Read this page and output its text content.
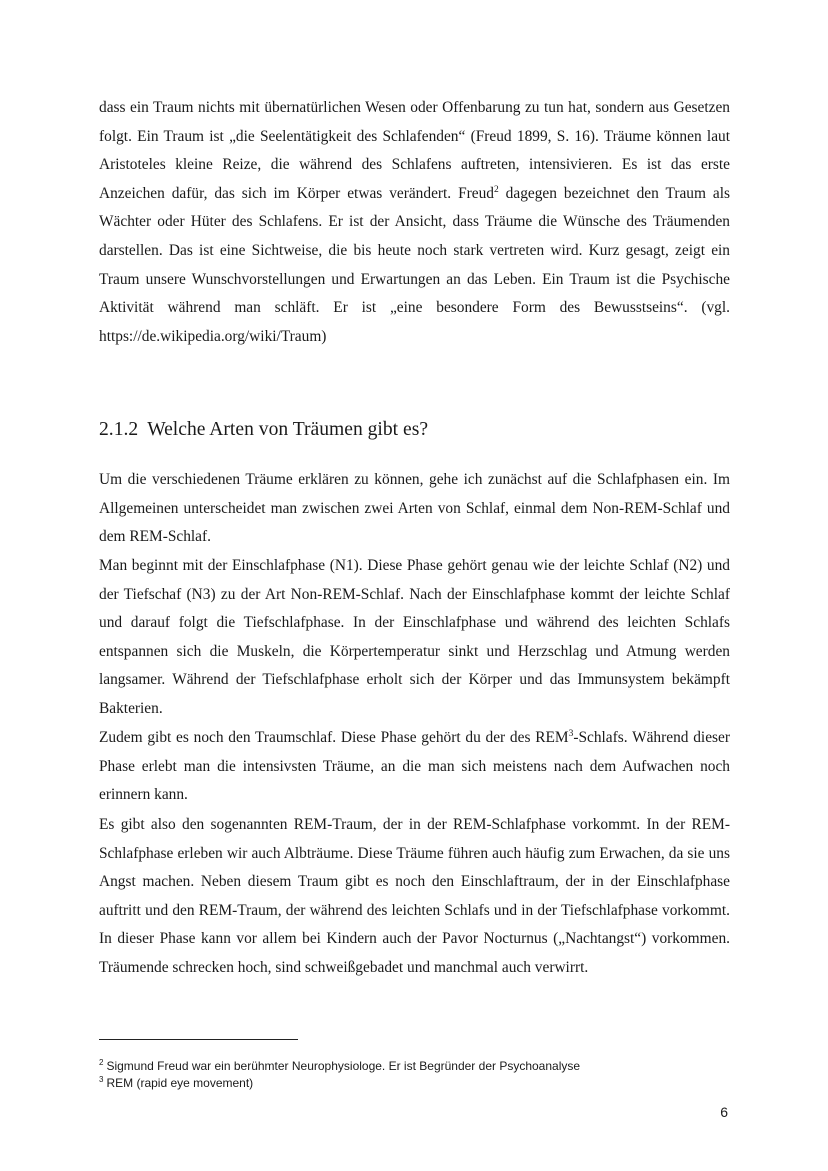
dass ein Traum nichts mit übernatürlichen Wesen oder Offenbarung zu tun hat, sondern aus Gesetzen folgt. Ein Traum ist „die Seelentätigkeit des Schlafenden“ (Freud 1899, S. 16). Träume können laut Aristoteles kleine Reize, die während des Schlafens auftreten, intensivieren. Es ist das erste Anzeichen dafür, das sich im Körper etwas verändert. Freud$^2$ dagegen bezeichnet den Traum als Wächter oder Hüter des Schlafens. Er ist der Ansicht, dass Träume die Wünsche des Träumenden darstellen. Das ist eine Sichtweise, die bis heute noch stark vertreten wird. Kurz gesagt, zeigt ein Traum unsere Wunschvorstellungen und Erwartungen an das Leben. Ein Traum ist die Psychische Aktivität während man schläft. Er ist „eine besondere Form des Bewusstseins“. (vgl. https://de.wikipedia.org/wiki/Traum)

2.1.2 Welche Arten von Träumen gibt es?

Um die verschiedenen Träume erklären zu können, gehe ich zunächst auf die Schlafphasen ein. Im Allgemeinen unterscheidet man zwischen zwei Arten von Schlaf, einmal dem Non-REM-Schlaf und dem REM-Schlaf.

Man beginnt mit der Einschlafphase (N1). Diese Phase gehört genau wie der leichte Schlaf (N2) und der Tiefschaf (N3) zu der Art Non-REM-Schlaf. Nach der Einschlafphase kommt der leichte Schlaf und darauf folgt die Tiefschlafphase. In der Einschlafphase und während des leichten Schlafs entspannen sich die Muskeln, die Körpertemperatur sinkt und Herzschlag und Atmung werden langsamer. Während der Tiefschlafphase erholt sich der Körper und das Immunsystem bekämpft Bakterien.

Zudem gibt es noch den Traumschlaf. Diese Phase gehört du der des REM$^3$-Schlafs. Während dieser Phase erlebt man die intensivsten Träume, an die man sich meistens nach dem Aufwachen noch erinnern kann.

Es gibt also den sogenannten REM-Traum, der in der REM-Schlafphase vorkommt. In der REM-Schlafphase erleben wir auch Albträume. Diese Träume führen auch häufig zum Erwachen, da sie uns Angst machen. Neben diesem Traum gibt es noch den Einschlaftraum, der in der Einschlafphase auftritt und den REM-Traum, der während des leichten Schlafs und in der Tiefschlafphase vorkommt. In dieser Phase kann vor allem bei Kindern auch der Pavor Nocturnus („Nachtangst“) vorkommen. Träumende schrecken hoch, sind schweißgebadet und manchmal auch verwirrt.

$^2$ Sigmund Freud war ein berühmter Neurophysiologe. Er ist Begründer der Psychoanalyse
$^3$ REM (rapid eye movement)
6
